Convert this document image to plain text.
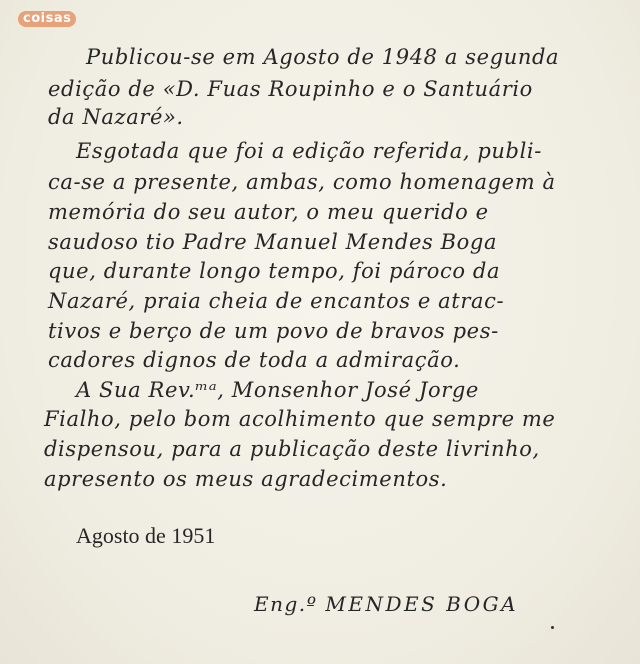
coisas
Publicou-se em Agosto de 1948 a segunda
edição de «D. Fuas Roupinho e o Santuário
da Nazaré».
Esgotada que foi a edição referida, publi-
ca-se a presente, ambas, como homenagem à
memória do seu autor, o meu querido e
saudoso tio Padre Manuel Mendes Boga
que, durante longo tempo, foi pároco da
Nazaré, praia cheia de encantos e atrac-
tivos e berço de um povo de bravos pes-
cadores dignos de toda a admiração.
A Sua Rev.ᵐᵃ, Monsenhor José Jorge
Fialho, pelo bom acolhimento que sempre me
dispensou, para a publicação deste livrinho,
apresento os meus agradecimentos.
Agosto de 1951
Eng.º MENDES BOGA
